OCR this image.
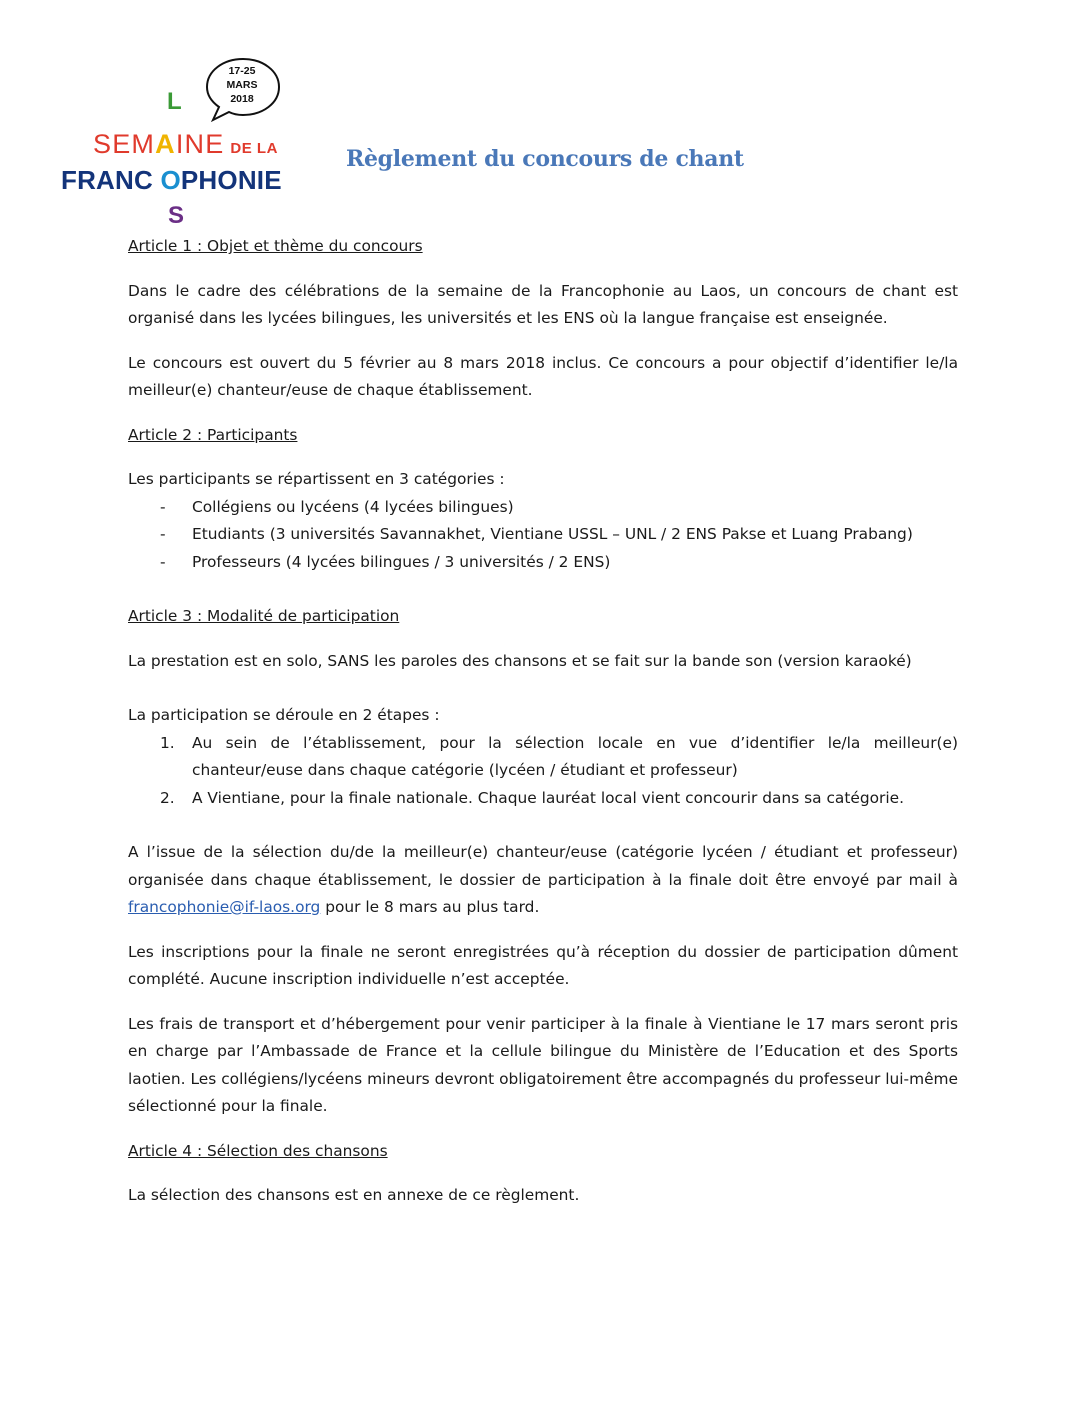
17-25
MARS
2018
L
SEMAINE DE LA
FRANC OPHONIE
S
Règlement du concours de chant

Article 1 : Objet et thème du concours

Dans le cadre des célébrations de la semaine de la Francophonie au Laos, un concours de chant est organisé dans les lycées bilingues, les universités et les ENS où la langue française est enseignée.

Le concours est ouvert du 5 février au 8 mars 2018 inclus. Ce concours a pour objectif d’identifier le/la meilleur(e) chanteur/euse de chaque établissement.

Article 2 : Participants

Les participants se répartissent en 3 catégories :

- Collégiens ou lycéens (4 lycées bilingues)
- Etudiants (3 universités Savannakhet, Vientiane USSL – UNL / 2 ENS Pakse et Luang Prabang)
- Professeurs (4 lycées bilingues / 3 universités / 2 ENS)

Article 3 : Modalité de participation

La prestation est en solo, SANS les paroles des chansons et se fait sur la bande son (version karaoké)

La participation se déroule en 2 étapes :

1. Au sein de l’établissement, pour la sélection locale en vue d’identifier le/la meilleur(e) chanteur/euse dans chaque catégorie (lycéen / étudiant et professeur)
2. A Vientiane, pour la finale nationale. Chaque lauréat local vient concourir dans sa catégorie.

A l’issue de la sélection du/de la meilleur(e) chanteur/euse (catégorie lycéen / étudiant et professeur) organisée dans chaque établissement, le dossier de participation à la finale doit être envoyé par mail à francophonie@if-laos.org pour le 8 mars au plus tard.

Les inscriptions pour la finale ne seront enregistrées qu’à réception du dossier de participation dûment complété. Aucune inscription individuelle n’est acceptée.

Les frais de transport et d’hébergement pour venir participer à la finale à Vientiane le 17 mars seront pris en charge par l’Ambassade de France et la cellule bilingue du Ministère de l’Education et des Sports laotien. Les collégiens/lycéens mineurs devront obligatoirement être accompagnés du professeur lui-même sélectionné pour la finale.

Article 4 : Sélection des chansons

La sélection des chansons est en annexe de ce règlement.
